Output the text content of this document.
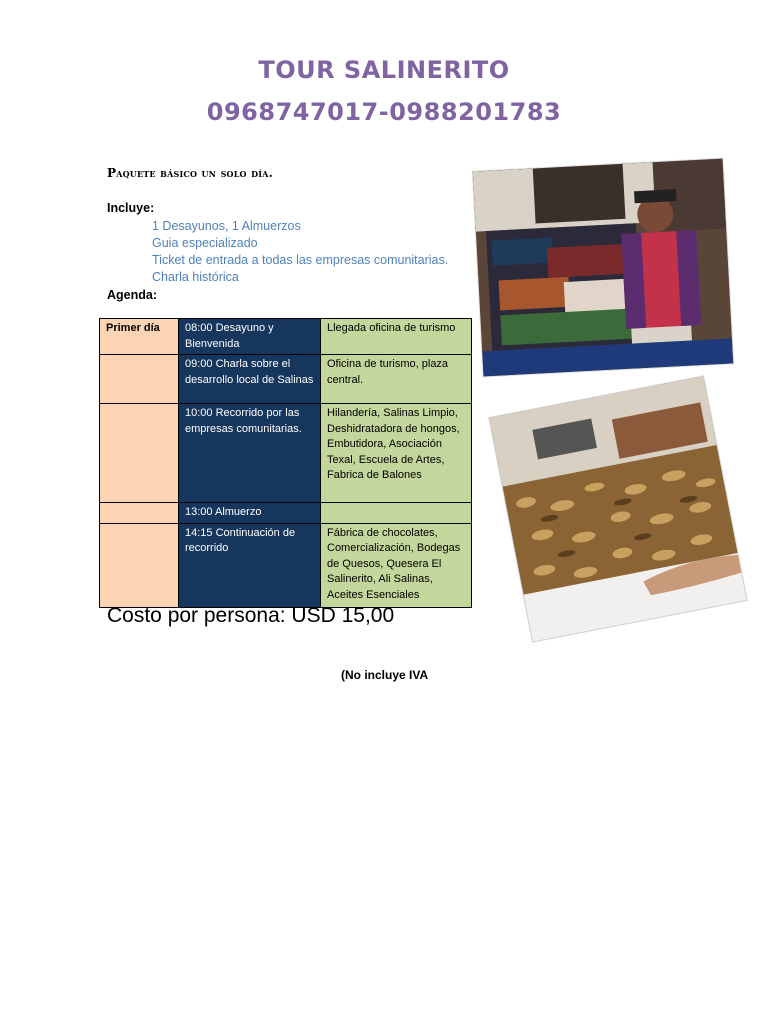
TOUR SALINERITO
0968747017-0988201783
Paquete básico un solo día.
Incluye:
1 Desayunos, 1 Almuerzos
Guia especializado
Ticket de entrada a todas las empresas comunitarias.
Charla histórica
Agenda:
Primer día	08:00 Desayuno y Bienvenida	Llegada oficina de turismo
	09:00 Charla sobre el desarrollo local de Salinas	Oficina de turismo, plaza central.
	10:00 Recorrido por las empresas comunitarias.	Hilandería, Salinas Limpio, Deshidratadora de hongos, Embutidora, Asociación Texal, Escuela de Artes, Fabrica de Balones
	13:00 Almuerzo	
	14:15 Continuación de recorrido	Fábrica de chocolates, Comercialización, Bodegas de Quesos, Quesera El Salinerito, Ali Salinas, Aceites Esenciales
Costo por persona: USD 15,00
(No incluye IVA
